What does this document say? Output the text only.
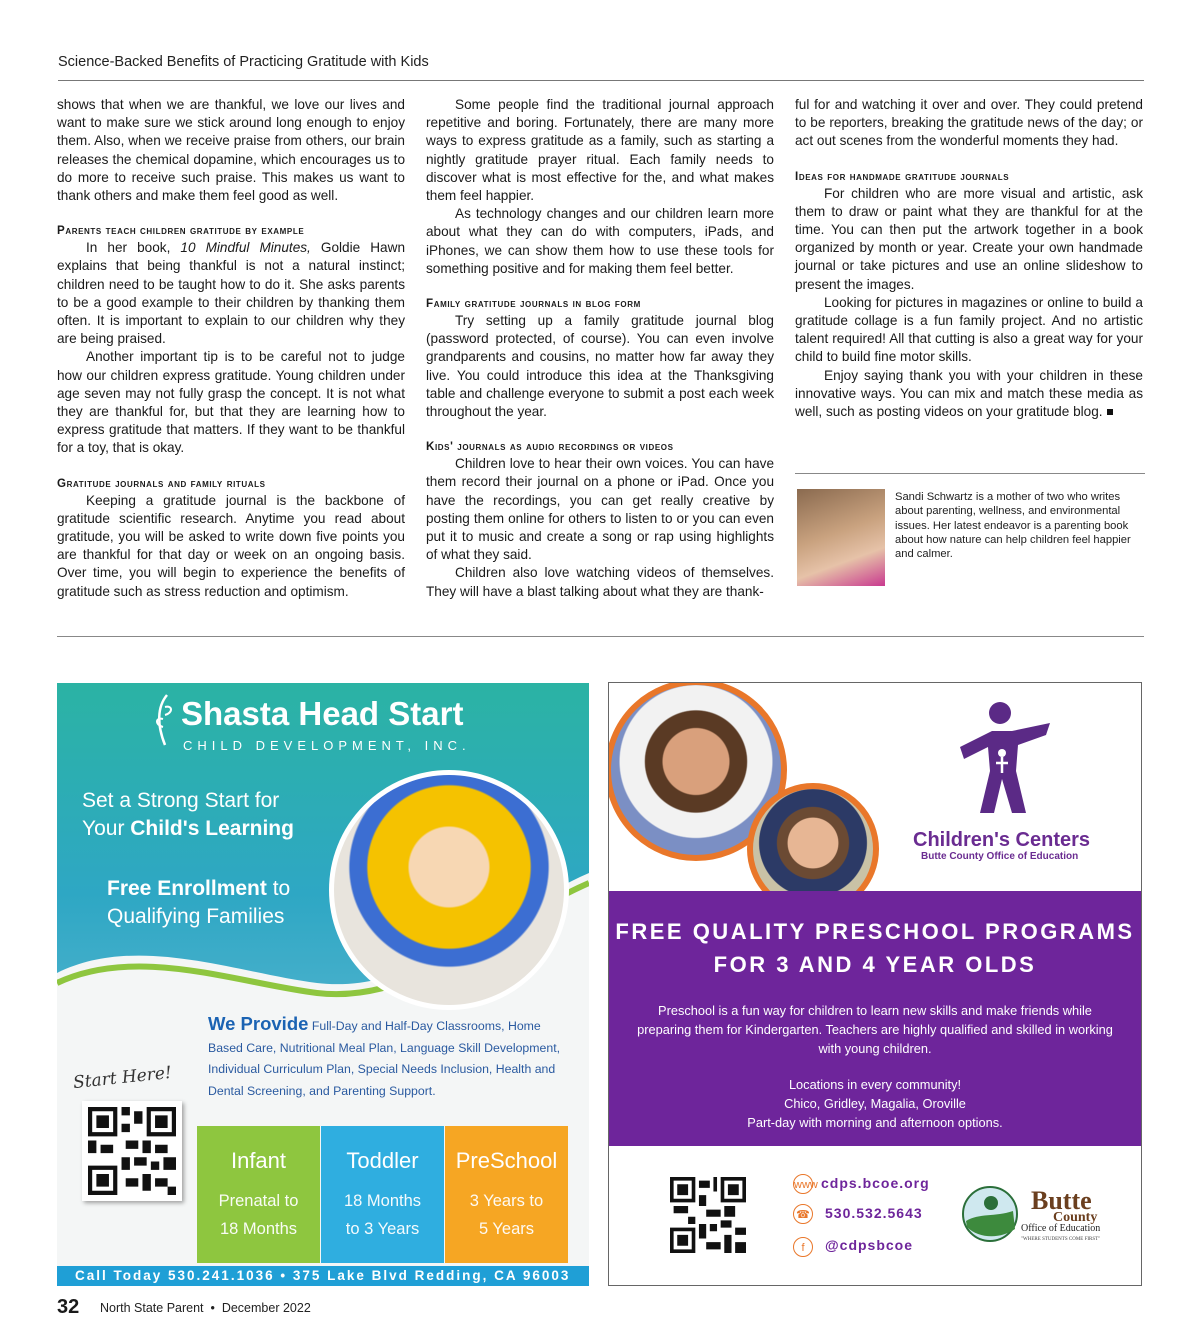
Science-Backed Benefits of Practicing Gratitude with Kids

shows that when we are thankful, we love our lives and want to make sure we stick around long enough to enjoy them. Also, when we receive praise from others, our brain releases the chemical dopamine, which encourages us to do more to receive such praise. This makes us want to thank others and make them feel good as well.

Parents teach children gratitude by example

In her book, 10 Mindful Minutes, Goldie Hawn explains that being thankful is not a natural instinct; children need to be taught how to do it. She asks parents to be a good example to their children by thanking them often. It is important to explain to our children why they are being praised.

Another important tip is to be careful not to judge how our children express gratitude. Young children under age seven may not fully grasp the concept. It is not what they are thankful for, but that they are learning how to express gratitude that matters. If they want to be thankful for a toy, that is okay.

Gratitude journals and family rituals

Keeping a gratitude journal is the backbone of gratitude scientific research. Anytime you read about gratitude, you will be asked to write down five points you are thankful for that day or week on an ongoing basis. Over time, you will begin to experience the benefits of gratitude such as stress reduction and optimism.

Some people find the traditional journal approach repetitive and boring. Fortunately, there are many more ways to express gratitude as a family, such as starting a nightly gratitude prayer ritual. Each family needs to discover what is most effective for the, and what makes them feel happier.

As technology changes and our children learn more about what they can do with computers, iPads, and iPhones, we can show them how to use these tools for something positive and for making them feel better.

Family gratitude journals in blog form

Try setting up a family gratitude journal blog (password protected, of course). You can even involve grandparents and cousins, no matter how far away they live. You could introduce this idea at the Thanksgiving table and challenge everyone to submit a post each week throughout the year.

Kids' journals as audio recordings or videos

Children love to hear their own voices. You can have them record their journal on a phone or iPad. Once you have the recordings, you can get really creative by posting them online for others to listen to or you can even put it to music and create a song or rap using highlights of what they said.

Children also love watching videos of themselves. They will have a blast talking about what they are thank-

ful for and watching it over and over. They could pretend to be reporters, breaking the gratitude news of the day; or act out scenes from the wonderful moments they had.

Ideas for handmade gratitude journals

For children who are more visual and artistic, ask them to draw or paint what they are thankful for at the time. You can then put the artwork together in a book organized by month or year. Create your own handmade journal or take pictures and use an online slideshow to present the images.

Looking for pictures in magazines or online to build a gratitude collage is a fun family project. And no artistic talent required! All that cutting is also a great way for your child to build fine motor skills.

Enjoy saying thank you with your children in these innovative ways. You can mix and match these media as well, such as posting videos on your gratitude blog.

Sandi Schwartz is a mother of two who writes about parenting, wellness, and environmental issues. Her latest endeavor is a parenting book about how nature can help children feel happier and calmer.
Shasta Head Start
CHILD DEVELOPMENT, INC.
Set a Strong Start for
Your Child's Learning
Free Enrollment to
Qualifying Families
We Provide Full-Day and Half-Day Classrooms, Home Based Care, Nutritional Meal Plan, Language Skill Development, Individual Curriculum Plan, Special Needs Inclusion, Health and Dental Screening, and Parenting Support.
Start Here!
Infant
Prenatal to
18 Months
Toddler
18 Months
to 3 Years
PreSchool
3 Years to
5 Years
Call Today 530.241.1036 • 375 Lake Blvd Redding, CA 96003
Children's Centers
Butte County Office of Education
FREE QUALITY PRESCHOOL PROGRAMS
FOR 3 AND 4 YEAR OLDS
Preschool is a fun way for children to learn new skills and make friends while preparing them for Kindergarten. Teachers are highly qualified and skilled in working with young children.
Locations in every community!
Chico, Gridley, Magalia, Oroville
Part-day with morning and afternoon options.
www cdps.bcoe.org
☎ 530.532.5643
f	@cdpsbcoe
Butte
County
Office of Education
"WHERE STUDENTS COME FIRST"
32 North State Parent • December 2022
